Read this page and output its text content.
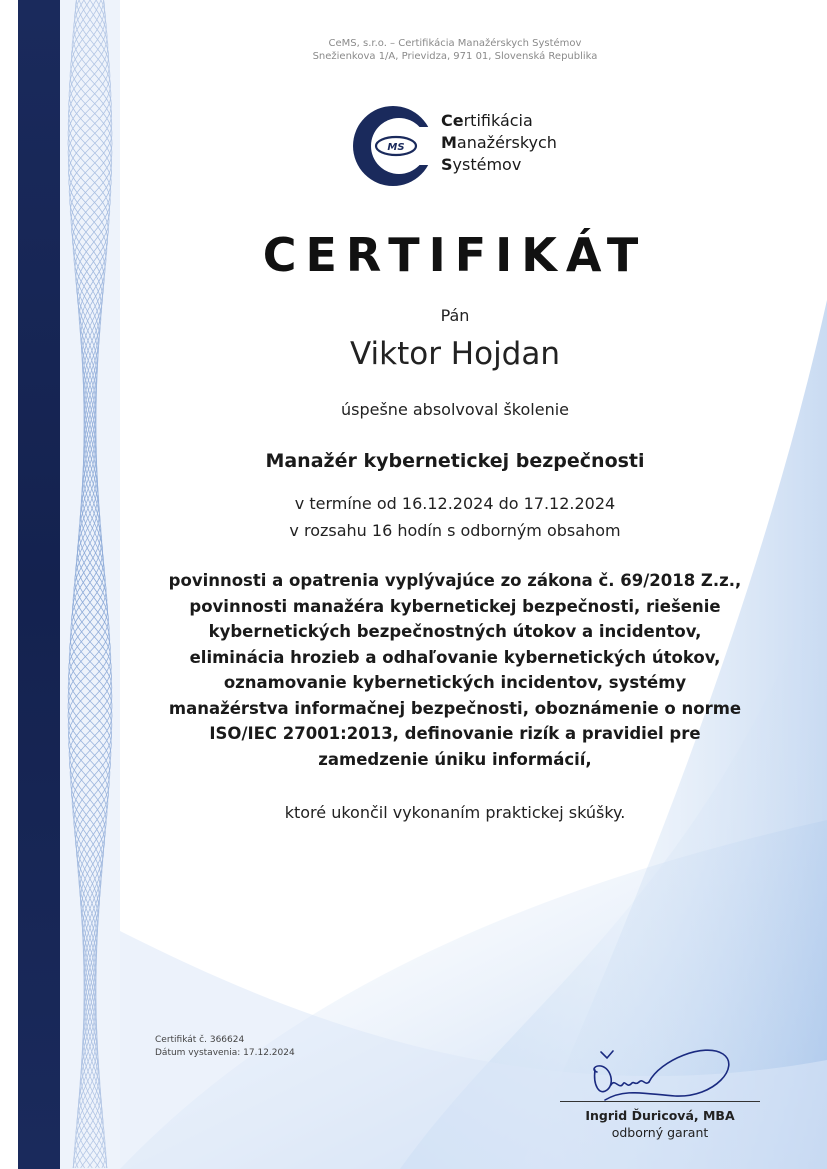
CeMS, s.r.o. – Certifikácia Manažérskych Systémov
Snežienkova 1/A, Prievidza, 971 01, Slovenská Republika
MS
Certifikácia
Manažérskych
Systémov
CERTIFIKÁT
Pán
Viktor Hojdan
úspešne absolvoval školenie
Manažér kybernetickej bezpečnosti
v termíne od 16.12.2024 do 17.12.2024
v rozsahu 16 hodín s odborným obsahom
povinnosti a opatrenia vyplývajúce zo zákona č. 69/2018 Z.z.,
povinnosti manažéra kybernetickej bezpečnosti, riešenie
kybernetických bezpečnostných útokov a incidentov,
eliminácia hrozieb a odhaľovanie kybernetických útokov,
oznamovanie kybernetických incidentov, systémy
manažérstva informačnej bezpečnosti, oboznámenie o norme
ISO/IEC 27001:2013, definovanie rizík a pravidiel pre
zamedzenie úniku informácií,
ktoré ukončil vykonaním praktickej skúšky.
Certifikát č. 366624
Dátum vystavenia: 17.12.2024
Ingrid Ďuricová, MBA
odborný garant
